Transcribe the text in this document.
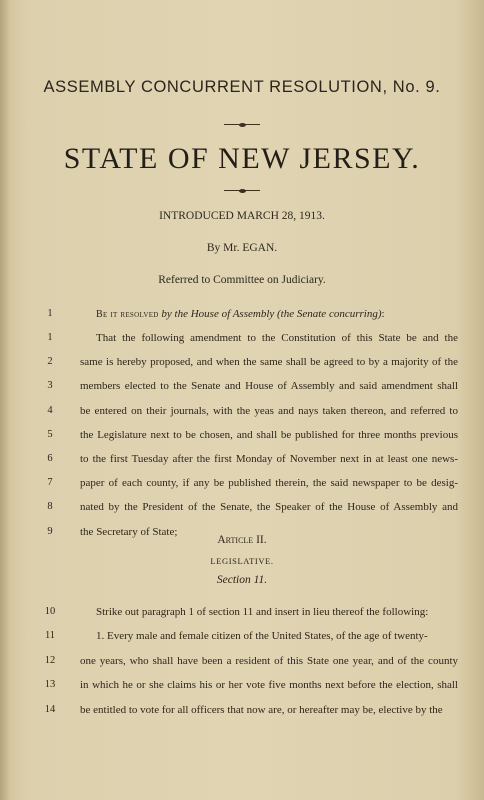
ASSEMBLY CONCURRENT RESOLUTION, No. 9.
STATE OF NEW JERSEY.
INTRODUCED MARCH 28, 1913.
By Mr. EGAN.
Referred to Committee on Judiciary.
1	Be it resolved by the House of Assembly (the Senate concurring):
1	That the following amendment to the Constitution of this State be and the
2	same is hereby proposed, and when the same shall be agreed to by a majority of the
3	members elected to the Senate and House of Assembly and said amendment shall
4	be entered on their journals, with the yeas and nays taken thereon, and referred to
5	the Legislature next to be chosen, and shall be published for three months previous
6	to the first Tuesday after the first Monday of November next in at least one news-
7	paper of each county, if any be published therein, the said newspaper to be desig-
8	nated by the President of the Senate, the Speaker of the House of Assembly and
9	the Secretary of State;
Article II.
LEGISLATIVE.
Section 11.
10	Strike out paragraph 1 of section 11 and insert in lieu thereof the following:
11	1. Every male and female citizen of the United States, of the age of twenty-
12	one years, who shall have been a resident of this State one year, and of the county
13	in which he or she claims his or her vote five months next before the election, shall
14	be entitled to vote for all officers that now are, or hereafter may be, elective by the
